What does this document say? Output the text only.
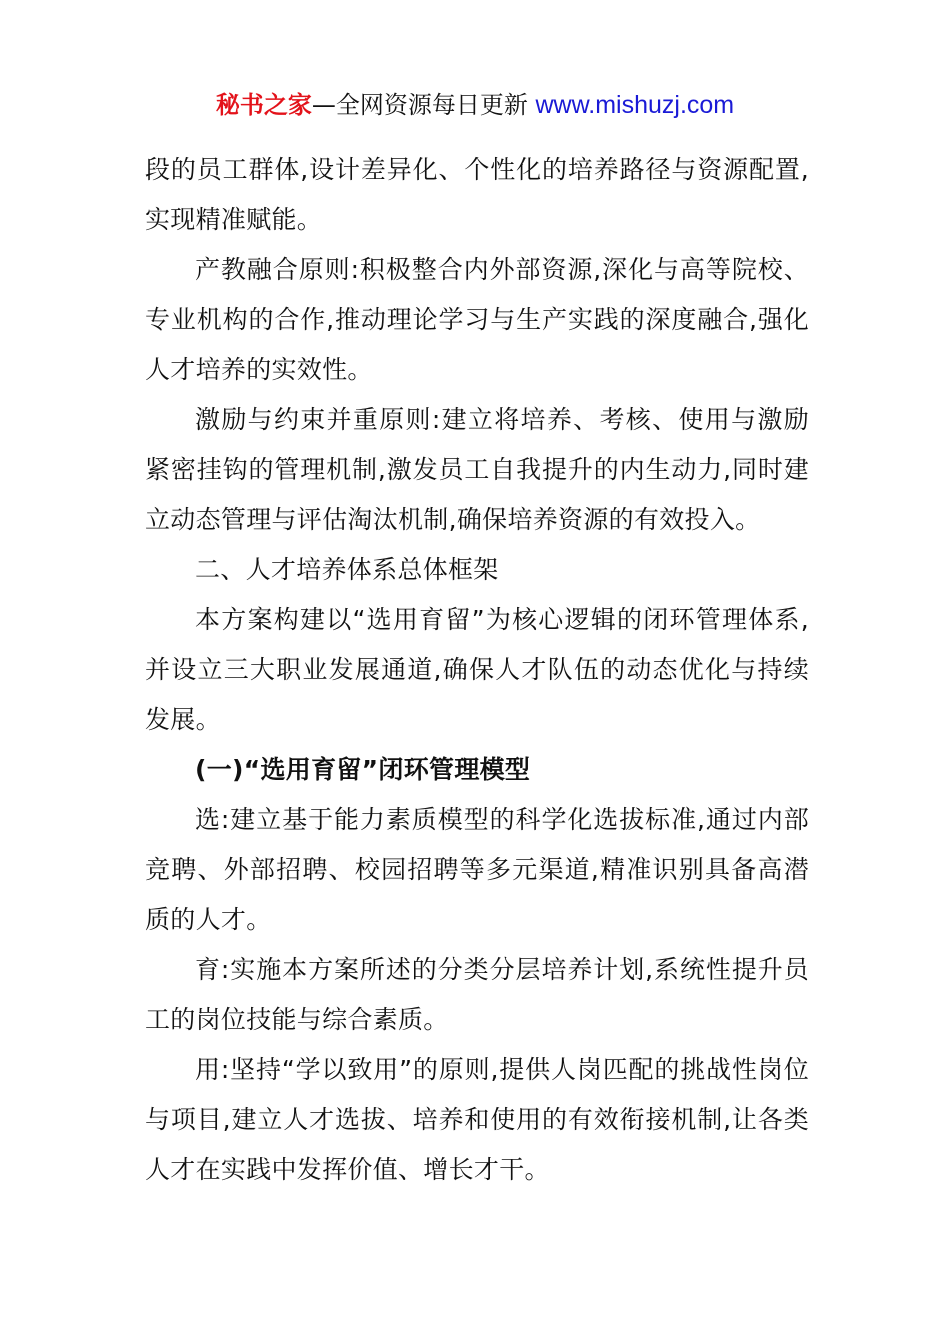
秘书之家—全网资源每日更新 www.mishuzj.com

段的员工群体,设计差异化、个性化的培养路径与资源配置,实现精准赋能。

产教融合原则:积极整合内外部资源,深化与高等院校、专业机构的合作,推动理论学习与生产实践的深度融合,强化人才培养的实效性。

激励与约束并重原则:建立将培养、考核、使用与激励紧密挂钩的管理机制,激发员工自我提升的内生动力,同时建立动态管理与评估淘汰机制,确保培养资源的有效投入。

二、人才培养体系总体框架

本方案构建以“选用育留”为核心逻辑的闭环管理体系,并设立三大职业发展通道,确保人才队伍的动态优化与持续发展。

(一)“选用育留”闭环管理模型

选:建立基于能力素质模型的科学化选拔标准,通过内部竞聘、外部招聘、校园招聘等多元渠道,精准识别具备高潜质的人才。

育:实施本方案所述的分类分层培养计划,系统性提升员工的岗位技能与综合素质。

用:坚持“学以致用”的原则,提供人岗匹配的挑战性岗位与项目,建立人才选拔、培养和使用的有效衔接机制,让各类人才在实践中发挥价值、增长才干。
